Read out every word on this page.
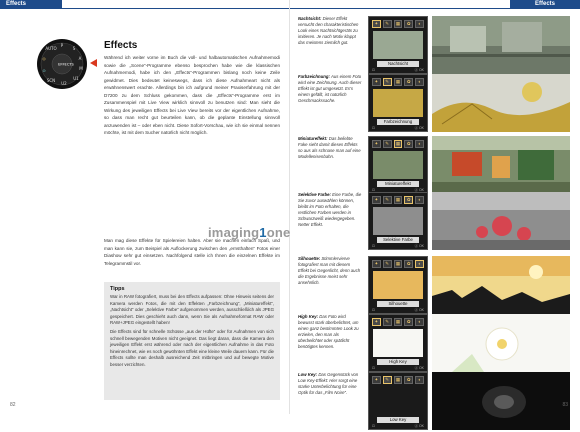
Effects
P
S
A
M
U1
U2
SCN
⊙
◎
AUTO
EFFECTS
Effects
Während ich weiter vorne im Buch die voll- und halbautomatischen Aufnahmemodi sowie die „Scene“-Programme ebenso besprochen habe wie die klassischen Aufnahmemodi, habe ich den „Effects“-Programmen bislang noch keine Zeile gewidmet. Dies bedeutet keineswegs, dass ich diese Aufnahmeart nicht als erwähnenswert erachte. Allerdings bin ich aufgrund meiner Praxiserfahrung mit der D7200 zu dem Schluss gekommen, dass die „Effects“-Programme erst im Zusammenspiel mit Live View wirklich sinnvoll zu benutzen sind: Man sieht die Wirkung des jeweiligen Effects bei Live View bereits vor der eigentlichen Aufnahme, so dass man recht gut beurteilen kann, ob die geplante Einstellung sinnvoll anzuwenden ist – oder eben nicht. Diese Sofort-Vorschau, wie ich sie einmal nennen möchte, ist mit dem Sucher natürlich nicht möglich.
Man mag diese Effekte für Spielereien halten. Aber sie machen einfach Spaß, und man kann sie, zum Beispiel als Auflockerung zwischen den „ernsthaften“ Fotos einer Diashow sehr gut einsetzen. Nachfolgend stelle ich Ihnen die einzelnen Effekte im Telegrammstil vor.
imaging1one
Tipps

War in RAW fotografiert, muss bei den Effects aufpassen: Ohne Hinweis seitens der Kamera werden Fotos, die mit den Effekten „Farbzeichnung“, „Miniatureffekt“, „Nachtsicht“ oder „Selektive Farbe“ aufgenommen werden, ausschließlich als JPEG gespeichert. Dies geschieht auch dann, wenn Sie als Aufnahmeformat RAW oder RAW+JPEG eingestellt haben!

Die Effects sind für schnelle Schüsse „aus der Hüfte“ oder für Aufnahmen von sich schnell bewegenden Motiven nicht geeignet. Das liegt daran, dass die Kamera den jeweiligen Effekt erst während oder nach der eigentlichen Aufnahme in das Foto hineinrechnet, wie es noch gewöhnten Effekt eine kleine Weile dauern kann. Für die Effects sollte man deshalb ausreichend Zeit mitbringen und auf bewegte Motive besser verzichten.

82
Effects
Nachtsicht: Dieser Effekt versucht den charakteristischen Look eines Nachtsichtgeräts zu imitieren. Je nach Motiv klappt das meistens ziemlich gut.
✦	✎	▦	✿	◐
Nachtsicht
⊡	Ⓐ OK
Farbzeichnung: Aus einem Foto wird eine Zeichnung. Auch dieser Effekt ist gut umgesetzt. Es's einem gefällt, ist natürlich Geschmackssache.
✦	✎	▦	✿	◐
Farbzeichnung
⊡	Ⓐ OK
Miniatureffekt: Das beliebte Fake sieht damit dieses Effekts so aus als schnase man auf eine Modellenisenbahn.
✦	✎	▦	✿	◐
Miniatureffekt
⊡	Ⓐ OK
Selektive Farbe: Eine Farbe, die Sie zuvor auswählen können, bleibt im Foto erhalten, die restlichen Farben werden in Schwarzweiß wiedergegeben. Netter Effekt.
✦	✎	▦	✿	◐
Selektive Farbe
⊡	Ⓐ OK
Silhouette: Stimmlervierve fotografiert man mit diesem Effekt bei Gegenlicht, denn auch die Ergebnisse meist sehr ansehnlich.
✦	✎	▦	✿	◐
Silhouette
⊡	Ⓐ OK
High Key: Das Foto wird bewusst stark überbelichtet, um einen ganz bestimmten Look zu erzielen, den man als überbelichtet oder spätlicht benötigtes kennen.
✦	✎	▦	✿	◐
High Key
⊡	Ⓐ OK
Low Key: Das Gegenstück von Low Key-Effekt: Hier sorgt eine starke Unterbelichtung für eine Optik für das „Film Noire“.
✦	✎	▦	✿	◐
Low Key
⊡	Ⓐ OK
83
